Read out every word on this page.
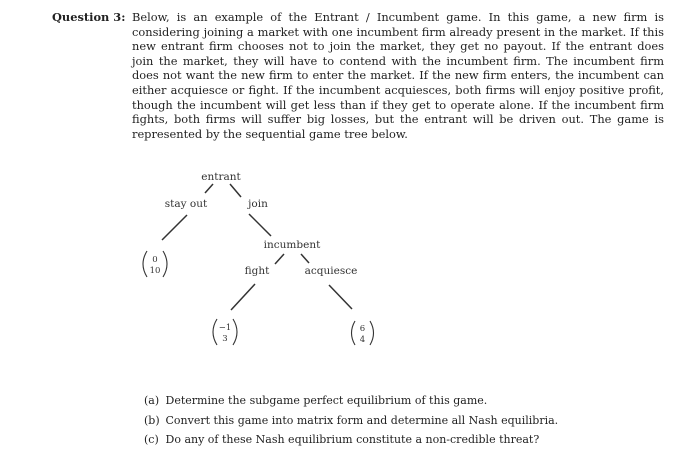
Question 3: Below, is an example of the Entrant / Incumbent game. In this game, a new firm is considering joining a market with one incumbent firm already present in the market. If this new entrant firm chooses not to join the market, they get no payout. If the entrant does join the market, they will have to contend with the incumbent firm. The incumbent firm does not want the new firm to enter the market. If the new firm enters, the incumbent can either acquiesce or fight. If the incumbent acquiesces, both firms will enjoy positive profit, though the incumbent will get less than if they get to operate alone. If the incumbent firm fights, both firms will suffer big losses, but the entrant will be driven out. The game is represented by the sequential game tree below.
entrant
stay out	join
0
10
incumbent
fight	acquiesce
−1
3
6
4
(a) Determine the subgame perfect equilibrium of this game.
(b) Convert this game into matrix form and determine all Nash equilibria.
(c) Do any of these Nash equilibrium constitute a non-credible threat?
